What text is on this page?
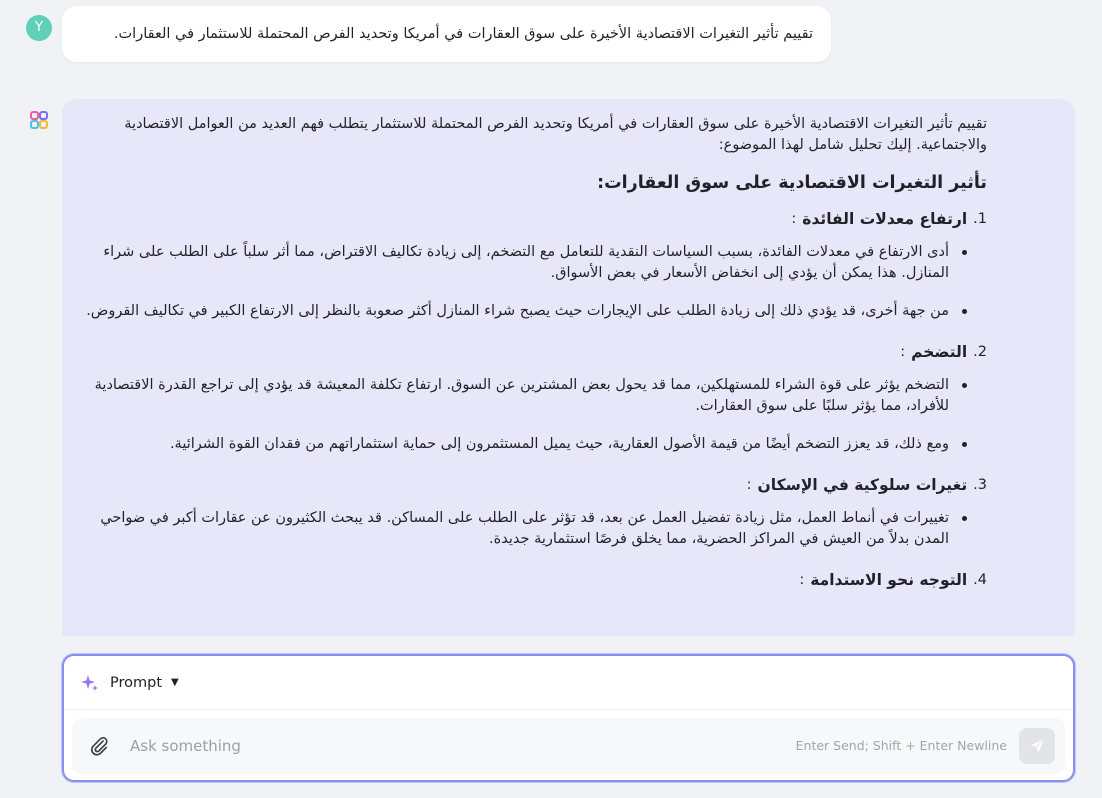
Y	تقييم تأثير التغيرات الاقتصادية الأخيرة على سوق العقارات في أمريكا وتحديد الفرص المحتملة للاستثمار في العقارات.

تقييم تأثير التغيرات الاقتصادية الأخيرة على سوق العقارات في أمريكا وتحديد الفرص المحتملة للاستثمار يتطلب فهم العديد من العوامل الاقتصادية والاجتماعية. إليك تحليل شامل لهذا الموضوع:

تأثير التغيرات الاقتصادية على سوق العقارات:
1.
ارتفاع معدلات الفائدة
:
أدى الارتفاع في معدلات الفائدة، بسبب السياسات النقدية للتعامل مع التضخم، إلى زيادة تكاليف الاقتراض، مما أثر سلباً على الطلب على شراء المنازل. هذا يمكن أن يؤدي إلى انخفاض الأسعار في بعض الأسواق.
من جهة أخرى، قد يؤدي ذلك إلى زيادة الطلب على الإيجارات حيث يصبح شراء المنازل أكثر صعوبة بالنظر إلى الارتفاع الكبير في تكاليف القروض.
2.
التضخم
:
التضخم يؤثر على قوة الشراء للمستهلكين، مما قد يحول بعض المشترين عن السوق. ارتفاع تكلفة المعيشة قد يؤدي إلى تراجع القدرة الاقتصادية للأفراد، مما يؤثر سلبًا على سوق العقارات.
ومع ذلك، قد يعزز التضخم أيضًا من قيمة الأصول العقارية، حيث يميل المستثمرون إلى حماية استثماراتهم من فقدان القوة الشرائية.
3.
تغيرات سلوكية في الإسكان
:
تغييرات في أنماط العمل، مثل زيادة تفضيل العمل عن بعد، قد تؤثر على الطلب على المساكن. قد يبحث الكثيرون عن عقارات أكبر في ضواحي المدن بدلاً من العيش في المراكز الحضرية، مما يخلق فرصًا استثمارية جديدة.
4.
التوجه نحو الاستدامة
:
Prompt ▼
Ask something
Enter Send; Shift + Enter Newline
